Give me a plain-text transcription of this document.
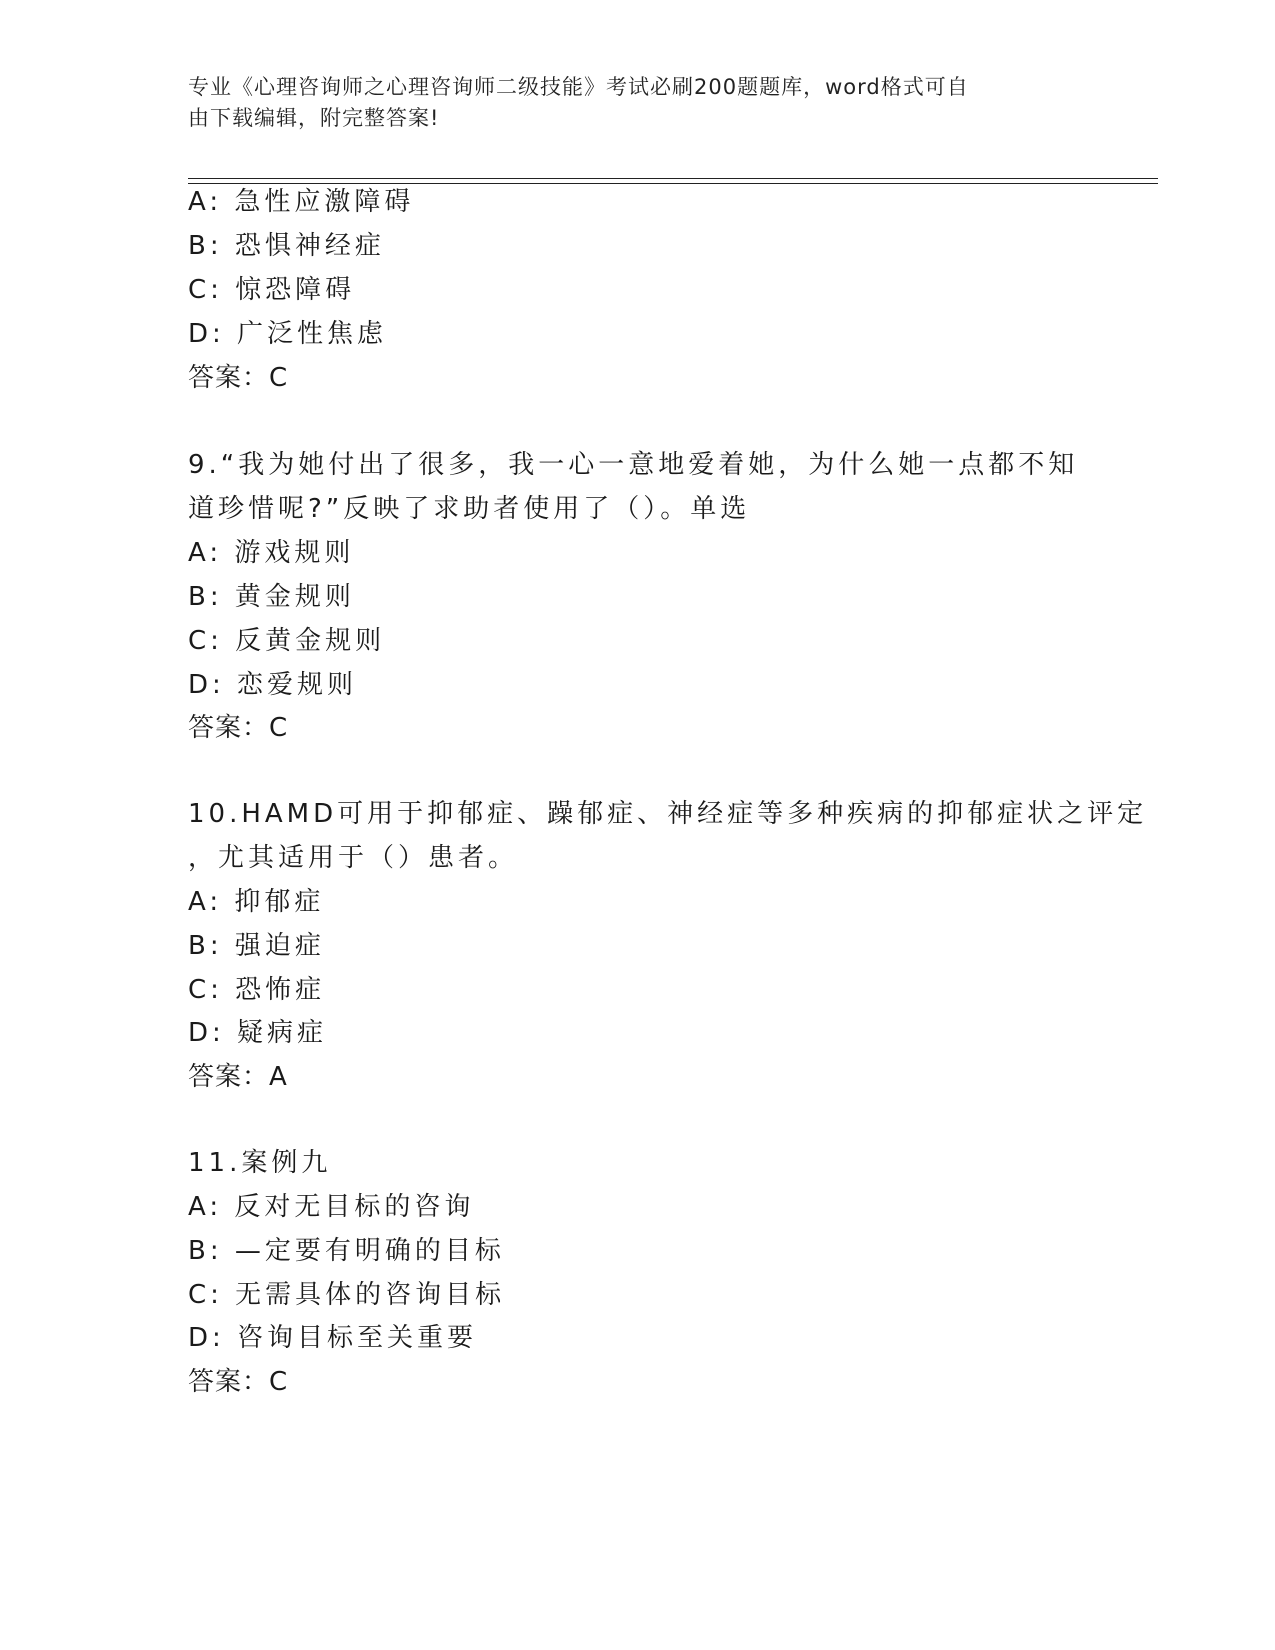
专业《心理咨询师之心理咨询师二级技能》考试必刷200题题库，word格式可自
由下载编辑，附完整答案!
A: 急性应激障碍
B: 恐惧神经症
C: 惊恐障碍
D: 广泛性焦虑
答案：C
9.“我为她付出了很多，我一心一意地爱着她，为什么她一点都不知
道珍惜呢?”反映了求助者使用了（）。单选
A: 游戏规则
B: 黄金规则
C: 反黄金规则
D: 恋爱规则
答案：C
10.HAMD可用于抑郁症、躁郁症、神经症等多种疾病的抑郁症状之评定
，尤其适用于（）患者。
A: 抑郁症
B: 强迫症
C: 恐怖症
D: 疑病症
答案：A
11.案例九
A: 反对无目标的咨询
B: —定要有明确的目标
C: 无需具体的咨询目标
D: 咨询目标至关重要
答案：C
